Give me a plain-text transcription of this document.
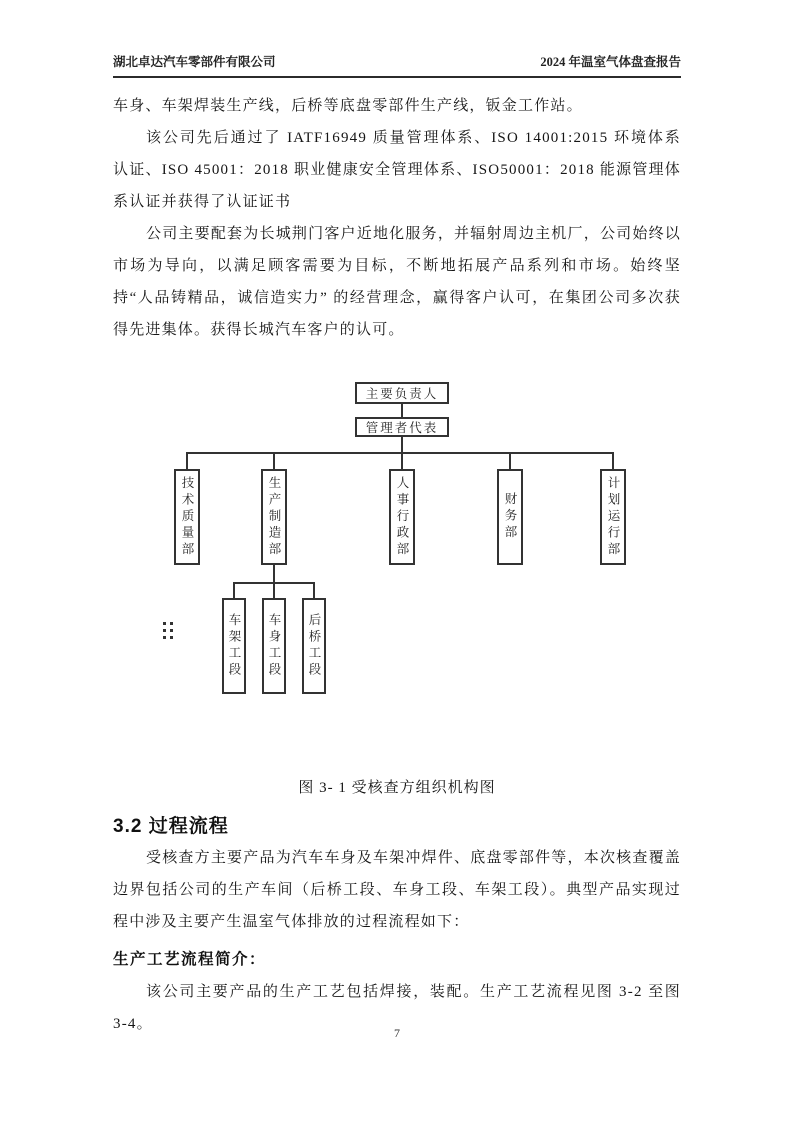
湖北卓达汽车零部件有限公司	2024 年温室气体盘查报告

车身、车架焊装生产线，后桥等底盘零部件生产线，钣金工作站。

该公司先后通过了 IATF16949 质量管理体系、ISO 14001:2015 环境体系认证、ISO 45001：2018 职业健康安全管理体系、ISO50001：2018 能源管理体系认证并获得了认证证书

公司主要配套为长城荆门客户近地化服务，并辐射周边主机厂，公司始终以市场为导向，以满足顾客需要为目标，不断地拓展产品系列和市场。始终坚持“人品铸精品，诚信造实力” 的经营理念，赢得客户认可，在集团公司多次获得先进集体。获得长城汽车客户的认可。

主要负责人
管理者代表
技术质量部	生产制造部	人事行政部	财务部	计划运行部
车架工段 车身工段 后桥工段

图 3- 1 受核查方组织机构图

3.2 过程流程

受核查方主要产品为汽车车身及车架冲焊件、底盘零部件等，本次核查覆盖边界包括公司的生产车间（后桥工段、车身工段、车架工段）。典型产品实现过程中涉及主要产生温室气体排放的过程流程如下：

生产工艺流程简介：

该公司主要产品的生产工艺包括焊接，装配。生产工艺流程见图 3-2 至图 3-4。

7
